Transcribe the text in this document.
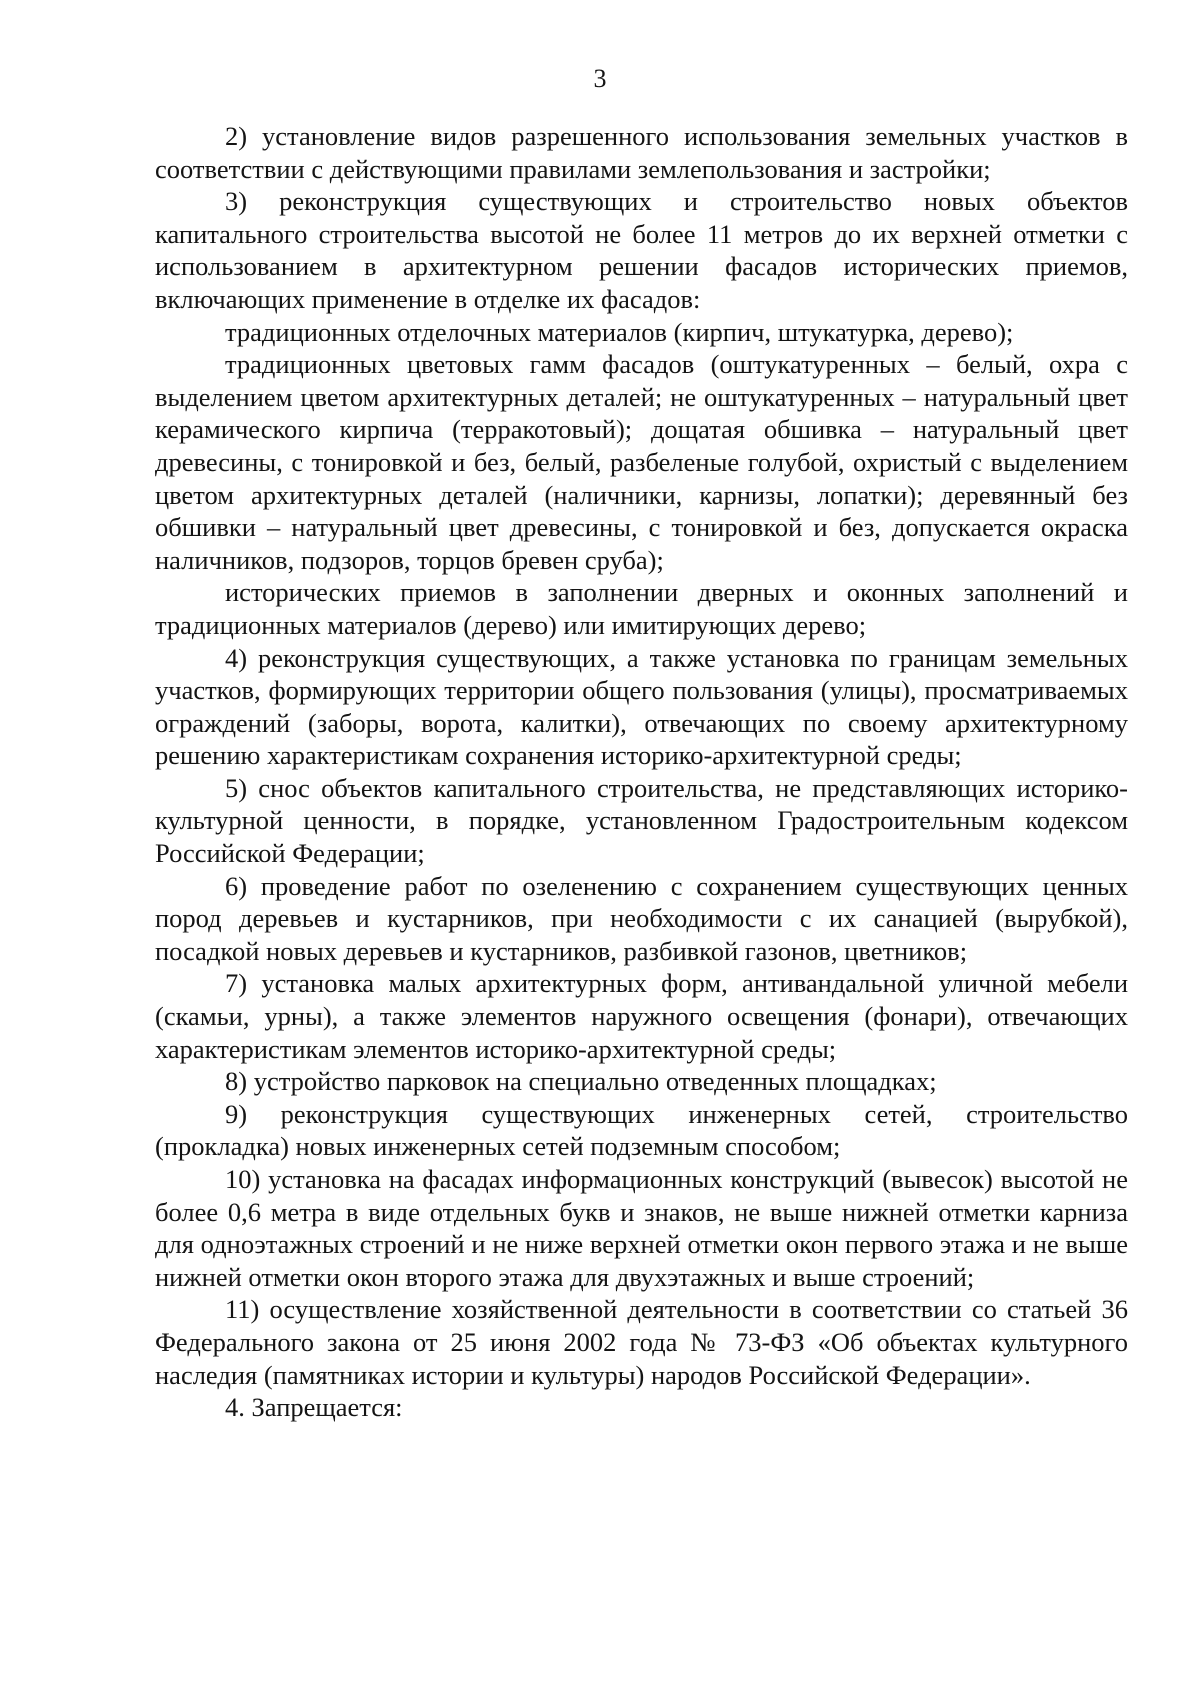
3

2) установление видов разрешенного использования земельных участков в соответствии с действующими правилами землепользования и застройки;

3) реконструкция существующих и строительство новых объектов капитального строительства высотой не более 11 метров до их верхней отметки с использованием в архитектурном решении фасадов исторических приемов, включающих применение в отделке их фасадов:

традиционных отделочных материалов (кирпич, штукатурка, дерево);

традиционных цветовых гамм фасадов (оштукатуренных – белый, охра с выделением цветом архитектурных деталей; не оштукатуренных – натуральный цвет керамического кирпича (терракотовый); дощатая обшивка – натуральный цвет древесины, с тонировкой и без, белый, разбеленые голубой, охристый с выделением цветом архитектурных деталей (наличники, карнизы, лопатки); деревянный без обшивки – натуральный цвет древесины, с тонировкой и без, допускается окраска наличников, подзоров, торцов бревен сруба);

исторических приемов в заполнении дверных и оконных заполнений и традиционных материалов (дерево) или имитирующих дерево;

4) реконструкция существующих, а также установка по границам земельных участков, формирующих территории общего пользования (улицы), просматриваемых ограждений (заборы, ворота, калитки), отвечающих по своему архитектурному решению характеристикам сохранения историко-архитектурной среды;

5) снос объектов капитального строительства, не представляющих историко-культурной ценности, в порядке, установленном Градостроительным кодексом Российской Федерации;

6) проведение работ по озеленению с сохранением существующих ценных пород деревьев и кустарников, при необходимости с их санацией (вырубкой), посадкой новых деревьев и кустарников, разбивкой газонов, цветников;

7) установка малых архитектурных форм, антивандальной уличной мебели (скамьи, урны), а также элементов наружного освещения (фонари), отвечающих характеристикам элементов историко-архитектурной среды;

8) устройство парковок на специально отведенных площадках;

9) реконструкция существующих инженерных сетей, строительство (прокладка) новых инженерных сетей подземным способом;

10) установка на фасадах информационных конструкций (вывесок) высотой не более 0,6 метра в виде отдельных букв и знаков, не выше нижней отметки карниза для одноэтажных строений и не ниже верхней отметки окон первого этажа и не выше нижней отметки окон второго этажа для двухэтажных и выше строений;

11) осуществление хозяйственной деятельности в соответствии со статьей 36 Федерального закона от 25 июня 2002 года № 73-ФЗ «Об объектах культурного наследия (памятниках истории и культуры) народов Российской Федерации».

4. Запрещается:
